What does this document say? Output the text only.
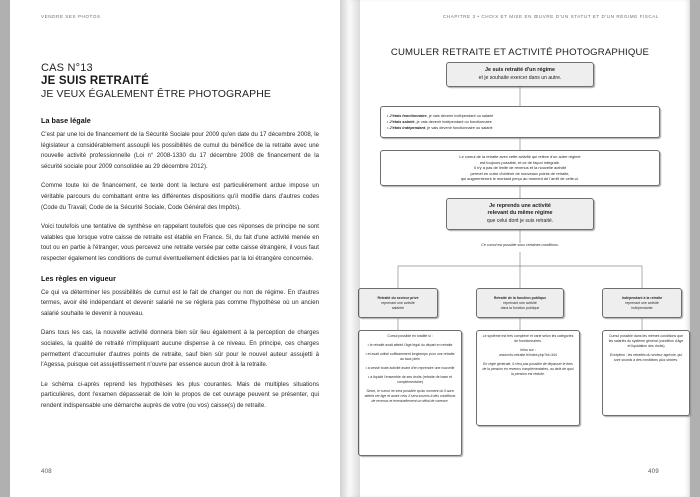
VENDRE SES PHOTOS
CAS N°13
JE SUIS RETRAITÉ
JE VEUX ÉGALEMENT ÊTRE PHOTOGRAPHE
La base légale

C'est par une loi de financement de la Sécurité Sociale pour 2009 qu'en date du 17 décembre 2008, le législateur a considérablement assoupli les possibilités de cumul du bénéfice de la retraite avec une nouvelle activité professionnelle (Loi n° 2008-1330 du 17 décembre 2008 de financement de la sécurité sociale pour 2009 consolidée au 29 décembre 2012).

Comme toute loi de financement, ce texte dont la lecture est particulièrement ardue impose un véritable parcours du combattant entre les différentes dispositions qu'il modifie dans d'autres codes (Code du Travail, Code de la Sécurité Sociale, Code Général des Impôts).

Voici toutefois une tentative de synthèse en rappelant toutefois que ces réponses de principe ne sont valables que lorsque votre caisse de retraite est établie en France. Si, du fait d'une activité menée en tout ou en partie à l'étranger, vous percevez une retraite versée par cette caisse étrangère, il vous faut respecter également les conditions de cumul éventuellement édictées par la loi étrangère concernée.

Les règles en vigueur

Ce qui va déterminer les possibilités de cumul est le fait de changer ou non de régime. En d'autres termes, avoir été indépendant et devenir salarié ne se réglera pas comme l'hypothèse où un ancien salarié souhaite le devenir à nouveau.

Dans tous les cas, la nouvelle activité donnera bien sûr lieu également à la perception de charges sociales, la qualité de retraité n'impliquant aucune dispense à ce niveau. En principe, ces charges permettent d'accumuler d'autres points de retraite, sauf bien sûr pour le nouvel auteur assujetti à l'Agessa, puisque cet assujettissement n'ouvre par essence aucun droit à la retraite.

Le schéma ci-après reprend les hypothèses les plus courantes. Mais de multiples situations particulières, dont l'examen dépasserait de loin le propos de cet ouvrage peuvent se présenter, qui rendent indispensable une démarche auprès de votre (ou vos) caisse(s) de retraite.

408
CHAPITRE 3 • CHOIX ET MISE EN ŒUVRE D'UN STATUT ET D'UN RÉGIME FISCAL
CUMULER RETRAITE ET ACTIVITÉ PHOTOGRAPHIQUE
Je suis retraité d'un régime
et je souhaite exercer dans un autre.
• J'étais fonctionnaire, je vais devenir indépendant ou salarié
• J'étais salarié, je vais devenir indépendant ou fonctionnaire
• J'étais indépendant, je vais devenir fonctionnaire ou salarié
Le cumul de la retraite avec cette activité qui relève d'un autre régime
est toujours possible, et ce de façon intégrale.
Il n'y a pas de limite de revenus et la nouvelle activité
permet en outre d'obtenir de nouveaux points de retraite,
qui augmenteront le montant perçu au moment de l'arrêt de celle-ci.
Je reprends une activité
relevant du même régime
que celui dont je suis retraité.
Ce cumul est possible sous certaines conditions.
Retraité du secteur privé
reprenant une activité
salariée
Retraité de la fonction publique
reprenant une activité
dans la fonction publique
Indépendant à la retraite
reprenant une activité
indépendante
Cumul possible en totalité si :
• le retraité avait atteint l'âge légal du départ en retraite
• et avait cotisé suffisamment longtemps pour une retraite au taux plein
• a cessé toute activité avant d'en reprendre une nouvelle
• a liquidé l'ensemble de ses droits (retraite de base et complémentaire)
Sinon, le cumul ne sera possible qu'au moment où il aura atteint cet âge et avant cela, il sera soumis à des conditions de revenus et éventuellement un délai de carence.
Le système est très complexe et varie selon les catégories de fonctionnaires.
Infos sur :
www.info-retraite.fr/index.php?id=344
En règle générale, il n'est pas possible de dépasser le tiers de la pension en revenus complémentaires, au delà de quoi la pension est réduite.
Cumul possible dans les mêmes conditions que les salariés du système général (condition d'âge et liquidation des droits)
Exception : les retraités du secteur agricole, qui sont soumis à des conditions plus strictes.
409
